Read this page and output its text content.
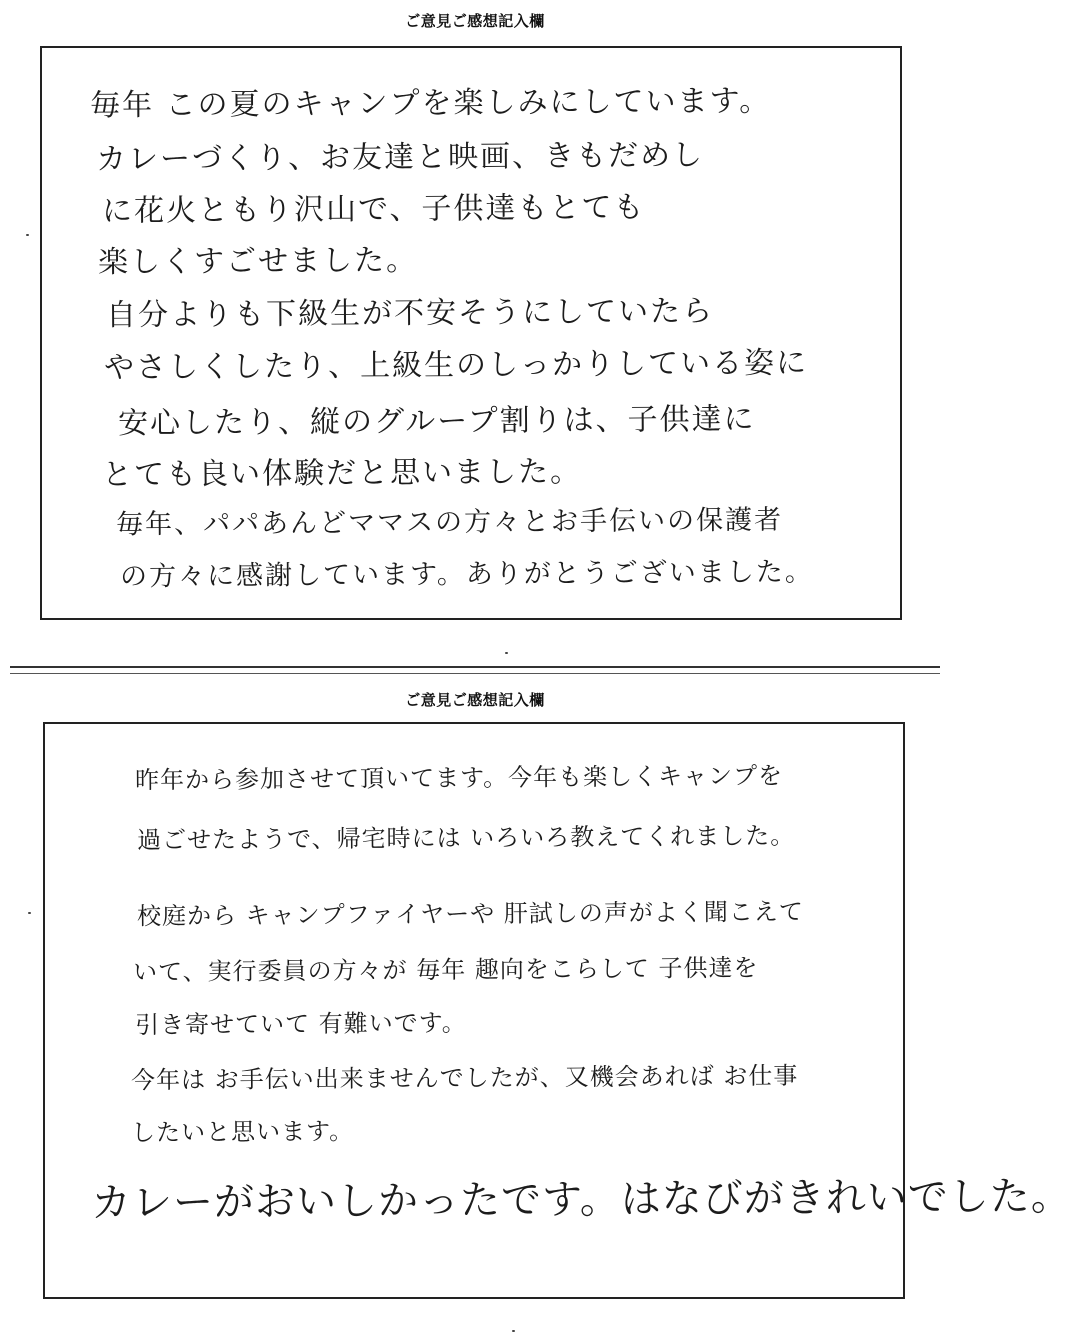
ご意見ご感想記入欄
毎年 この夏のキャンプを楽しみにしています。
カレーづくり、お友達と映画、きもだめし
に花火ともり沢山で、子供達もとても
楽しくすごせました。
自分よりも下級生が不安そうにしていたら
やさしくしたり、上級生のしっかりしている姿に
安心したり、縦のグループ割りは、子供達に
とても良い体験だと思いました。
毎年、パパあんどママスの方々とお手伝いの保護者
の方々に感謝しています。ありがとうございました。
ご意見ご感想記入欄
昨年から参加させて頂いてます。今年も楽しくキャンプを
過ごせたようで、帰宅時には いろいろ教えてくれました。
校庭から キャンプファイヤーや 肝試しの声がよく聞こえて
いて、実行委員の方々が 毎年 趣向をこらして 子供達を
引き寄せていて 有難いです。
今年は お手伝い出来ませんでしたが、又機会あれば お仕事
したいと思います。
カレーがおいしかったです。はなびがきれいでした。
